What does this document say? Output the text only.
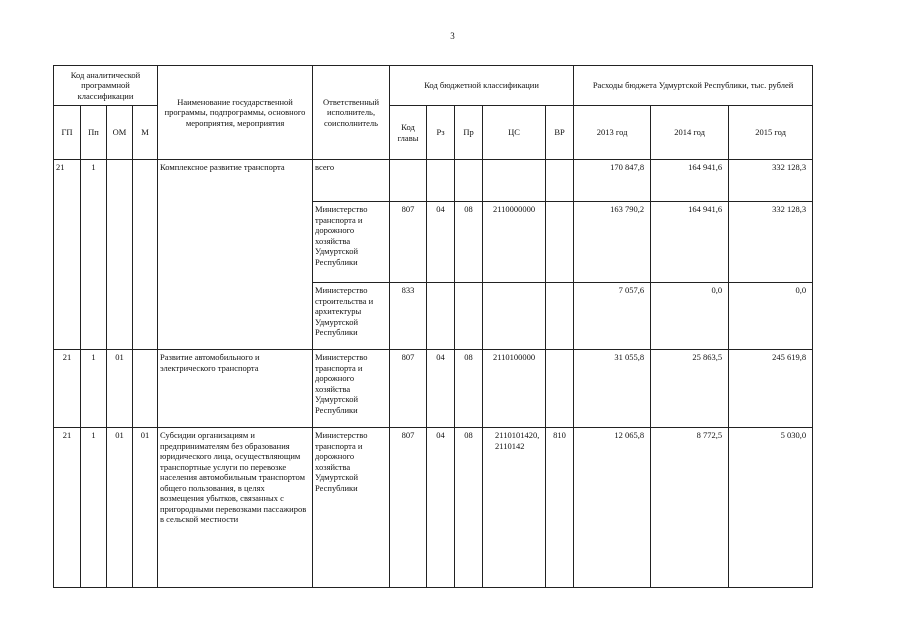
3
Код аналитической программной классификации				Наименование государственной программы, подпрограммы, основного мероприятия, мероприятия	Ответственный исполнитель, соисполнитель	Код бюджетной классификации					Расходы бюджета Удмуртской Республики, тыс. рублей		
ГП	Пп	ОМ	М			Код главы	Рз	Пр	ЦС	ВР	2013 год	2014 год	2015 год
21	1			Комплексное развитие транспорта	всего						170 847,8	164 941,6	332 128,3
					Министерство транспорта и дорожного хозяйства Удмуртской Республики	807	04	08	2110000000		163 790,2	164 941,6	332 128,3
					Министерство строительства и архитектуры Удмуртской Республики	833					7 057,6	0,0	0,0
21	1	01		Развитие автомобильного и электрического транспорта	Министерство транспорта и дорожного хозяйства Удмуртской Республики	807	04	08	2110100000		31 055,8	25 863,5	245 619,8
21	1	01	01	Субсидии организациям и предпринимателям без образования юридического лица, осуществляющим транспортные услуги по перевозке населения автомобильным транспортом общего пользования, в целях возмещения убытков, связанных с пригородными перевозками пассажиров в сельской местности	Министерство транспорта и дорожного хозяйства Удмуртской Республики	807	04	08	2110101420, 2110142	810	12 065,8	8 772,5	5 030,0
